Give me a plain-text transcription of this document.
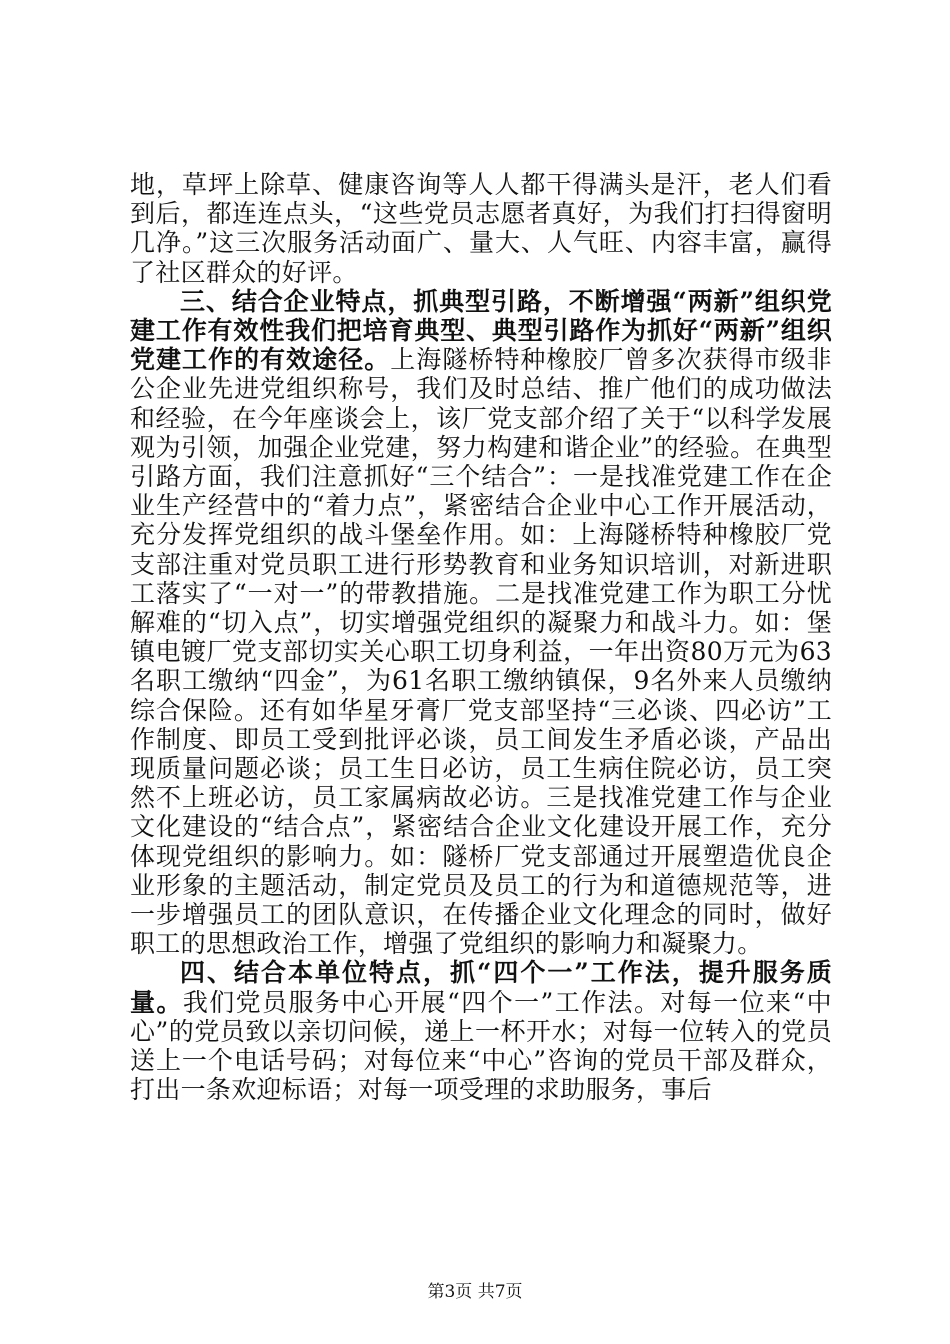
地，草坪上除草、健康咨询等人人都干得满头是汗，老人们看到后，都连连点头，“这些党员志愿者真好，为我们打扫得窗明几净。”这三次服务活动面广、量大、人气旺、内容丰富，赢得了社区群众的好评。

三、结合企业特点，抓典型引路，不断增强“两新”组织党建工作有效性我们把培育典型、典型引路作为抓好“两新”组织党建工作的有效途径。上海隧桥特种橡胶厂曾多次获得市级非公企业先进党组织称号，我们及时总结、推广他们的成功做法和经验，在今年座谈会上，该厂党支部介绍了关于“以科学发展观为引领，加强企业党建，努力构建和谐企业”的经验。在典型引路方面，我们注意抓好“三个结合”：一是找准党建工作在企业生产经营中的“着力点”，紧密结合企业中心工作开展活动，充分发挥党组织的战斗堡垒作用。如：上海隧桥特种橡胶厂党支部注重对党员职工进行形势教育和业务知识培训，对新进职工落实了“一对一”的带教措施。二是找准党建工作为职工分忧解难的“切入点”，切实增强党组织的凝聚力和战斗力。如：堡镇电镀厂党支部切实关心职工切身利益，一年出资80万元为63名职工缴纳“四金”，为61名职工缴纳镇保，9名外来人员缴纳综合保险。还有如华星牙膏厂党支部坚持“三必谈、四必访”工作制度、即员工受到批评必谈，员工间发生矛盾必谈，产品出现质量问题必谈；员工生日必访，员工生病住院必访，员工突然不上班必访，员工家属病故必访。三是找准党建工作与企业文化建设的“结合点”，紧密结合企业文化建设开展工作，充分体现党组织的影响力。如：隧桥厂党支部通过开展塑造优良企业形象的主题活动，制定党员及员工的行为和道德规范等，进一步增强员工的团队意识，在传播企业文化理念的同时，做好职工的思想政治工作，增强了党组织的影响力和凝聚力。

四、结合本单位特点，抓“四个一”工作法，提升服务质量。我们党员服务中心开展“四个一”工作法。对每一位来“中心”的党员致以亲切问候，递上一杯开水；对每一位转入的党员送上一个电话号码；对每位来“中心”咨询的党员干部及群众，打出一条欢迎标语；对每一项受理的求助服务，事后

第3页 共7页
